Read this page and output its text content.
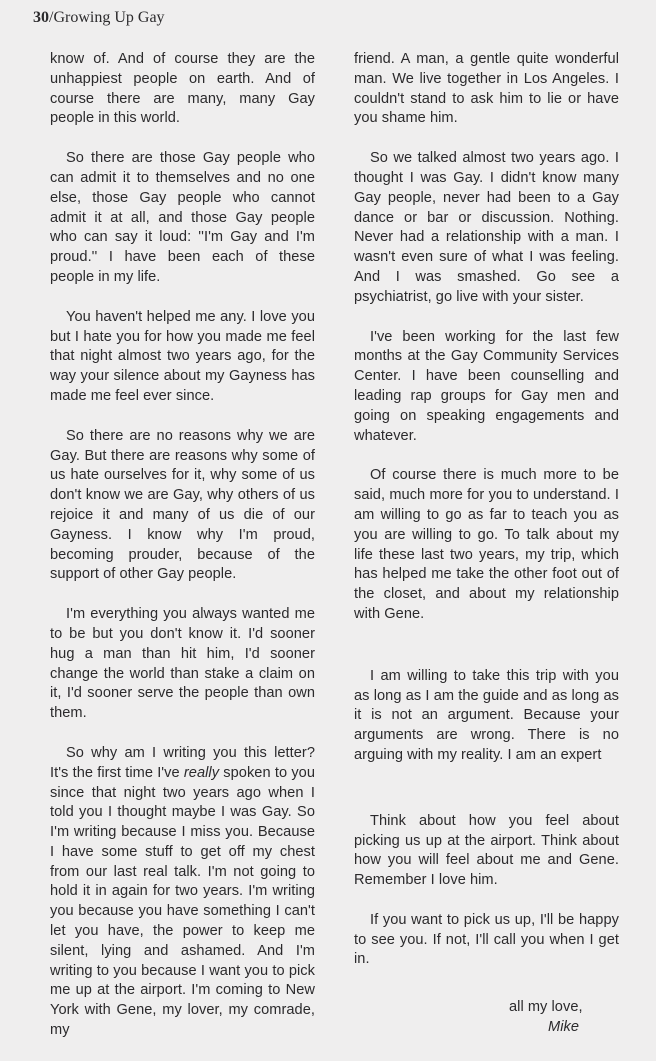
30/Growing Up Gay

know of. And of course they are the unhappiest people on earth. And of course there are many, many Gay people in this world.

So there are those Gay people who can admit it to themselves and no one else, those Gay people who cannot admit it at all, and those Gay people who can say it loud: ''I'm Gay and I'm proud.'' I have been each of these people in my life.

You haven't helped me any. I love you but I hate you for how you made me feel that night almost two years ago, for the way your silence about my Gayness has made me feel ever since.

So there are no reasons why we are Gay. But there are reasons why some of us hate ourselves for it, why some of us don't know we are Gay, why others of us rejoice it and many of us die of our Gayness. I know why I'm proud, becoming prouder, because of the support of other Gay people.

I'm everything you always wanted me to be but you don't know it. I'd sooner hug a man than hit him, I'd sooner change the world than stake a claim on it, I'd sooner serve the people than own them.

So why am I writing you this letter? It's the first time I've really spoken to you since that night two years ago when I told you I thought maybe I was Gay. So I'm writing because I miss you. Because I have some stuff to get off my chest from our last real talk. I'm not going to hold it in again for two years. I'm writing you because you have something I can't let you have, the power to keep me silent, lying and ashamed. And I'm writing to you because I want you to pick me up at the airport. I'm coming to New York with Gene, my lover, my comrade, my

friend. A man, a gentle quite wonderful man. We live together in Los Angeles. I couldn't stand to ask him to lie or have you shame him.

So we talked almost two years ago. I thought I was Gay. I didn't know many Gay people, never had been to a Gay dance or bar or discussion. Nothing. Never had a relationship with a man. I wasn't even sure of what I was feeling. And I was smashed. Go see a psychiatrist, go live with your sister.

I've been working for the last few months at the Gay Community Services Center. I have been counselling and leading rap groups for Gay men and going on speaking engagements and whatever.

Of course there is much more to be said, much more for you to understand. I am willing to go as far to teach you as you are willing to go. To talk about my life these last two years, my trip, which has helped me take the other foot out of the closet, and about my relationship with Gene.

I am willing to take this trip with you as long as I am the guide and as long as it is not an argument. Because your arguments are wrong. There is no arguing with my reality. I am an expert

Think about how you feel about picking us up at the airport. Think about how you will feel about me and Gene. Remember I love him.

If you want to pick us up, I'll be happy to see you. If not, I'll call you when I get in.

all my love,
Mike
